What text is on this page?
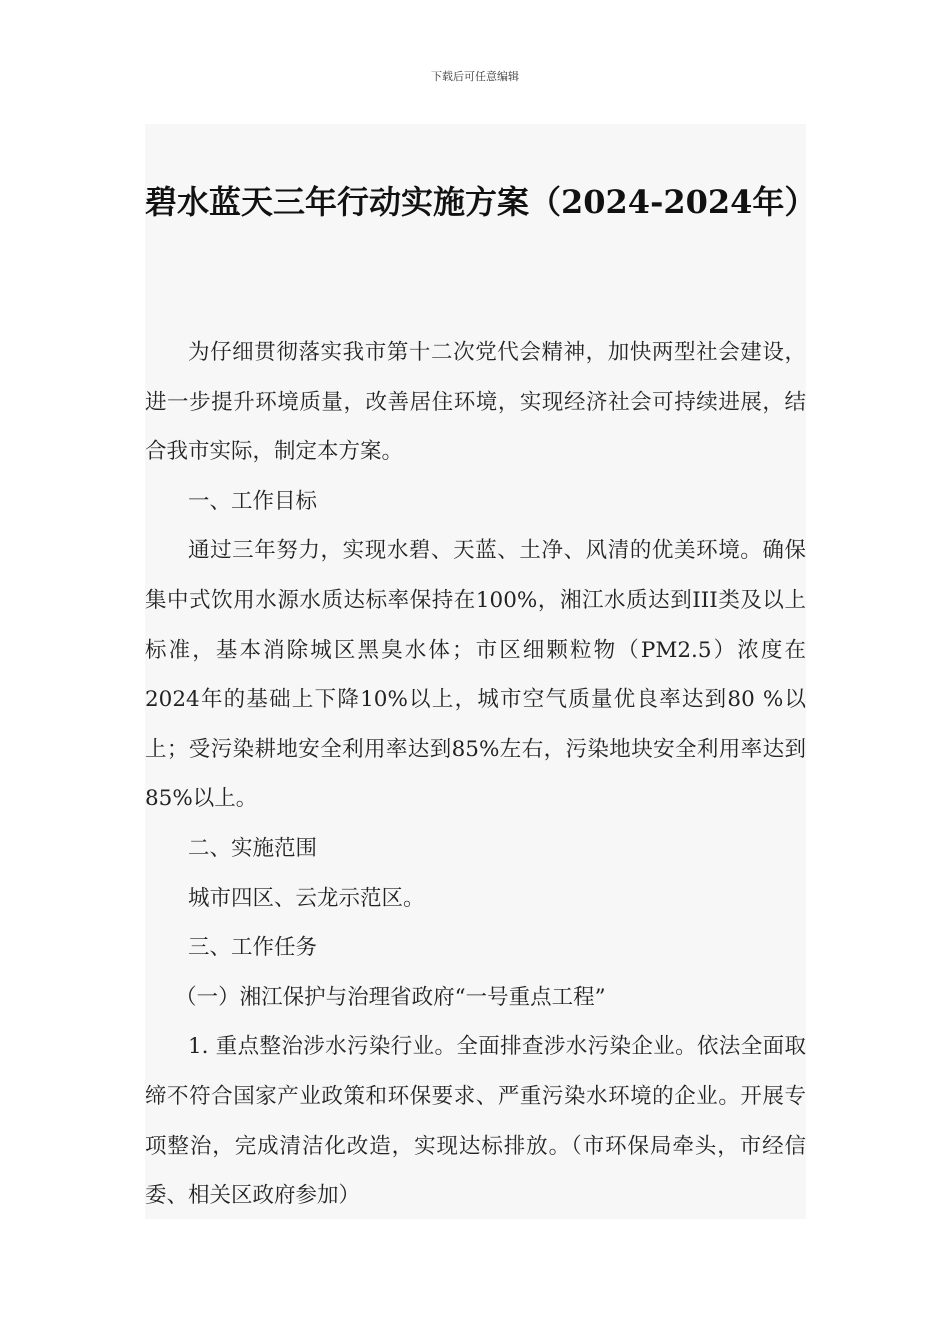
下载后可任意编辑
碧水蓝天三年行动实施方案（2024-2024年）

为仔细贯彻落实我市第十二次党代会精神，加快两型社会建设，进一步提升环境质量，改善居住环境，实现经济社会可持续进展，结合我市实际，制定本方案。

一、工作目标

通过三年努力，实现水碧、天蓝、土净、风清的优美环境。确保集中式饮用水源水质达标率保持在100%，湘江水质达到III类及以上标准，基本消除城区黑臭水体；市区细颗粒物（PM2.5）浓度在2024年的基础上下降10%以上，城市空气质量优良率达到80 %以上；受污染耕地安全利用率达到85%左右，污染地块安全利用率达到85%以上。

二、实施范围

城市四区、云龙示范区。

三、工作任务

（一）湘江保护与治理省政府“一号重点工程”

1. 重点整治涉水污染行业。全面排查涉水污染企业。依法全面取缔不符合国家产业政策和环保要求、严重污染水环境的企业。开展专项整治，完成清洁化改造，实现达标排放。（市环保局牵头，市经信委、相关区政府参加）
